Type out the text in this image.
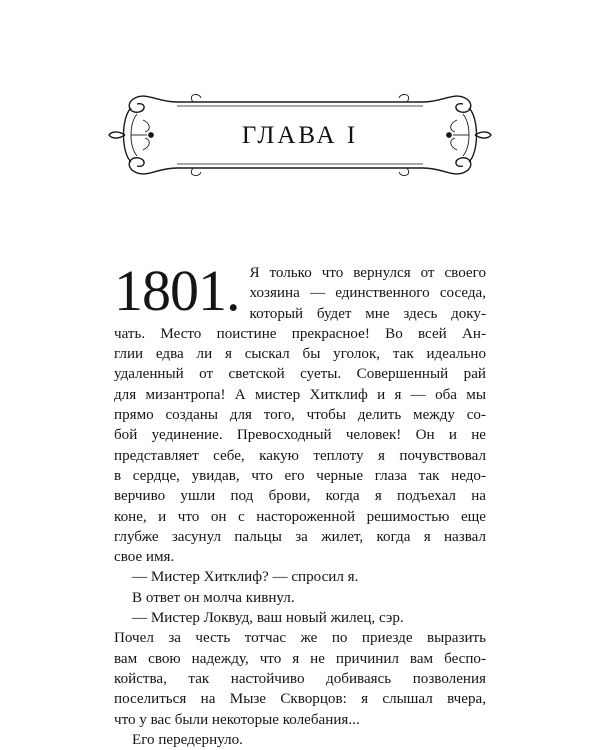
ГЛАВА I
1801. Я только что вернулся от своего
хозяина — единственного соседа,
который будет мне здесь доку-
чать. Место поистине прекрасное! Во всей Ан-
глии едва ли я сыскал бы уголок, так идеально
удаленный от светской суеты. Совершенный рай
для мизантропа! А мистер Хитклиф и я — оба мы
прямо созданы для того, чтобы делить между со-
бой уединение. Превосходный человек! Он и не
представляет себе, какую теплоту я почувствовал
в сердце, увидав, что его черные глаза так недо-
верчиво ушли под брови, когда я подъехал на
коне, и что он с настороженной решимостью еще
глубже засунул пальцы за жилет, когда я назвал
свое имя.

— Мистер Хитклиф? — спросил я.

В ответ он молча кивнул.

— Мистер Локвуд, ваш новый жилец, сэр.
Почел за честь тотчас же по приезде выразить
вам свою надежду, что я не причинил вам беспо-
койства, так настойчиво добиваясь позволения
поселиться на Мызе Скворцов: я слышал вчера,
что у вас были некоторые колебания...

Его передернуло.
